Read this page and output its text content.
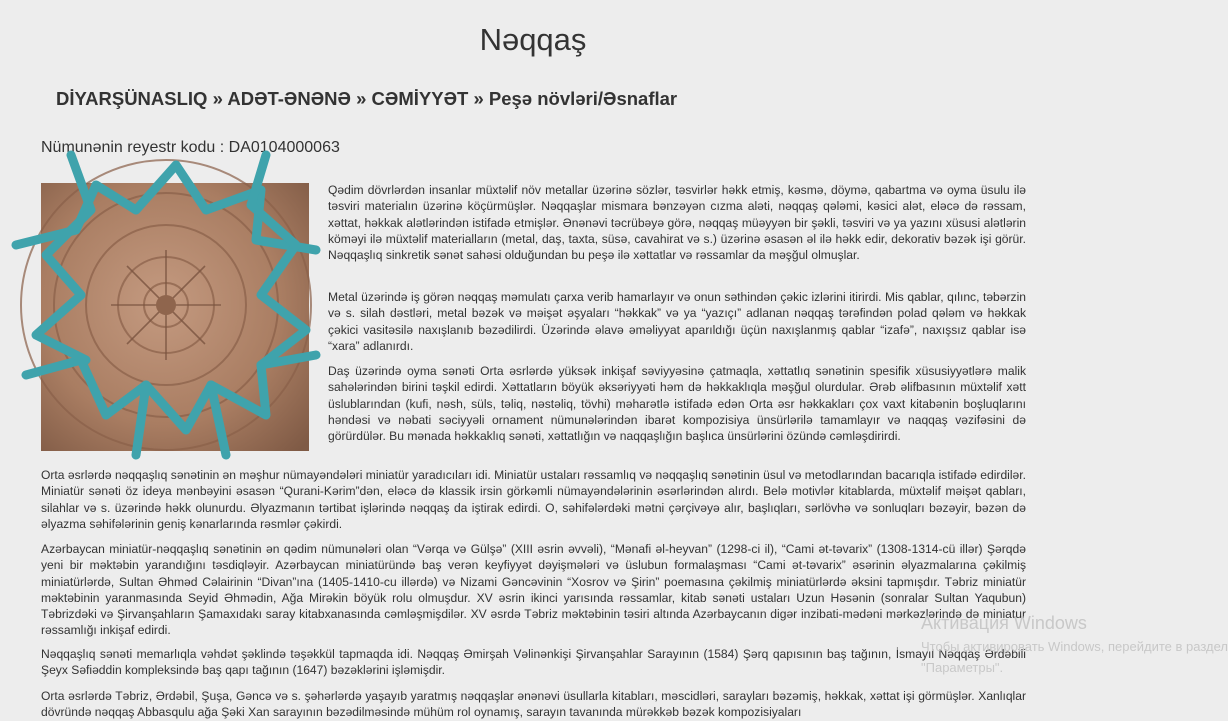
Nəqqaş
DİYARŞÜNASLIQ » ADƏT-ƏNƏNƏ » CƏMİYYƏT » Peşə növləri/Əsnaflar
Nümunənin reyestr kodu : DA0104000063

Qədim dövrlərdən insanlar müxtəlif növ metallar üzərinə sözlər, təsvirlər həkk etmiş, kəsmə, döymə, qabartma və oyma üsulu ilə təsviri materialın üzərinə köçürmüşlər. Nəqqaşlar mismara bənzəyən cızma aləti, nəqqaş qələmi, kəsici alət, eləcə də rəssam, xəttat, həkkak alətlərindən istifadə etmişlər. Ənənəvi təcrübəyə görə, nəqqaş müəyyən bir şəkli, təsviri və ya yazını xüsusi alətlərin köməyi ilə müxtəlif materialların (metal, daş, taxta, süsə, cavahirat və s.) üzərinə əsasən əl ilə həkk edir, dekorativ bəzək işi görür. Nəqqaşlıq sinkretik sənət sahəsi olduğundan bu peşə ilə xəttatlar və rəssamlar da məşğul olmuşlar.

Metal üzərində iş görən nəqqaş məmulatı çarxa verib hamarlayır və onun səthindən çəkic izlərini itirirdi. Mis qablar, qılınc, təbərzin və s. silah dəstləri, metal bəzək və məişət əşyaları “həkkak” və ya “yazıçı” adlanan nəqqaş tərəfindən polad qələm və həkkak çəkici vasitəsilə naxışlanıb bəzədilirdi. Üzərində əlavə əməliyyat aparıldığı üçün naxışlanmış qablar “izafə”, naxışsız qablar isə “xara” adlanırdı.

Daş üzərində oyma sənəti Orta əsrlərdə yüksək inkişaf səviyyəsinə çatmaqla, xəttatlıq sənətinin spesifik xüsusiyyətlərə malik sahələrindən birini təşkil edirdi. Xəttatların böyük əksəriyyəti həm də həkkaklıqla məşğul olurdular. Ərəb əlifbasının müxtəlif xətt üslublarından (kufi, nəsh, süls, təliq, nəstəliq, tövhi) məharətlə istifadə edən Orta əsr həkkakları çox vaxt kitabənin boşluqlarını həndəsi və nəbati səciyyəli ornament nümunələrindən ibarət kompozisiya ünsürlərilə tamamlayır və naqqaş vəzifəsini də görürdülər. Bu mənada həkkaklıq sənəti, xəttatlığın və naqqaşlığın başlıca ünsürlərini özündə cəmləşdirirdi.

Orta əsrlərdə nəqqaşlıq sənətinin ən məşhur nümayəndələri miniatür yaradıcıları idi. Miniatür ustaları rəssamlıq və nəqqaşlıq sənətinin üsul və metodlarından bacarıqla istifadə edirdilər. Miniatür sənəti öz ideya mənbəyini əsasən “Qurani-Kərim”dən, eləcə də klassik irsin görkəmli nümayəndələrinin əsərlərindən alırdı. Belə motivlər kitablarda, müxtəlif məişət qabları, silahlar və s. üzərində həkk olunurdu. Əlyazmanın tərtibat işlərində nəqqaş da iştirak edirdi. O, səhifələrdəki mətni çərçivəyə alır, başlıqları, sərlövhə və sonluqları bəzəyir, bəzən də əlyazma səhifələrinin geniş kənarlarında rəsmlər çəkirdi.

Azərbaycan miniatür-nəqqaşlıq sənətinin ən qədim nümunələri olan “Vərqa və Gülşə” (XIII əsrin əvvəli), “Mənafi əl-heyvan” (1298-ci il), “Cami ət-təvarix” (1308-1314-cü illər) Şərqdə yeni bir məktəbin yarandığını təsdiqləyir. Azərbaycan miniatüründə baş verən keyfiyyət dəyişmələri və üslubun formalaşması “Cami ət-təvarix” əsərinin əlyazmalarına çəkilmiş miniatürlərdə, Sultan Əhməd Cəlairinin “Divan”ına (1405-1410-cu illərdə) və Nizami Gəncəvinin “Xosrov və Şirin” poemasına çəkilmiş miniatürlərdə əksini tapmışdır. Təbriz miniatür məktəbinin yaranmasında Seyid Əhmədin, Ağa Mirəkin böyük rolu olmuşdur. XV əsrin ikinci yarısında rəssamlar, kitab sənəti ustaları Uzun Həsənin (sonralar Sultan Yaqubun) Təbrizdəki və Şirvanşahların Şamaxıdakı saray kitabxanasında cəmləşmişdilər. XV əsrdə Təbriz məktəbinin təsiri altında Azərbaycanın digər inzibati-mədəni mərkəzlərində də miniatur rəssamlığı inkişaf edirdi.

Nəqqaşlıq sənəti memarlıqla vəhdət şəklində təşəkkül tapmaqda idi. Nəqqaş Əmirşah Vəlinənkişi Şirvanşahlar Sarayının (1584) Şərq qapısının baş tağının, İsmayıl Nəqqaş Ərdəbili Şeyx Səfiəddin kompleksində baş qapı tağının (1647) bəzəklərini işləmişdir.

Orta əsrlərdə Təbriz, Ərdəbil, Şuşa, Gəncə və s. şəhərlərdə yaşayıb yaratmış nəqqaşlar ənənəvi üsullarla kitabları, məscidləri, sarayları bəzəmiş, həkkak, xəttat işi görmüşlər. Xanlıqlar dövründə nəqqaş Abbasqulu ağa Şəki Xan sarayının bəzədilməsində mühüm rol oynamış, sarayın tavanında mürəkkəb bəzək kompozisiyaları

Активация Windows
Чтобы активировать Windows, перейдите в раздел
"Параметры".
